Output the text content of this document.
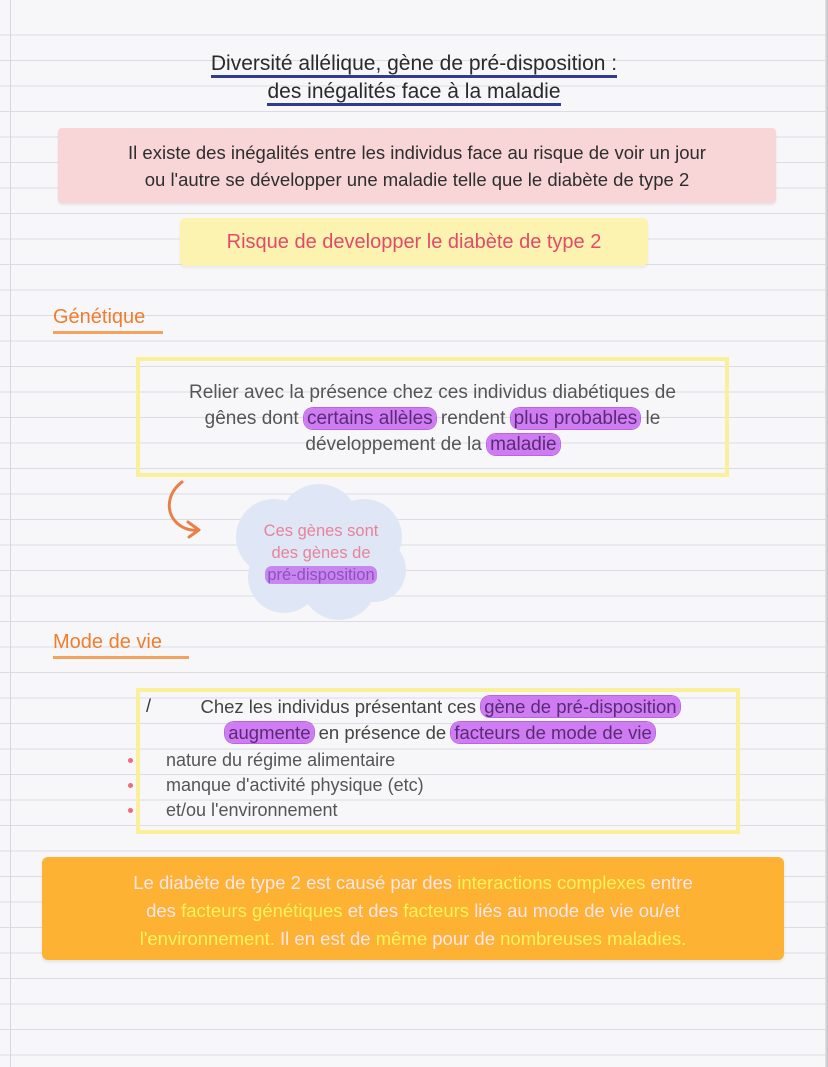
Diversité allélique, gène de pré-disposition :
des inégalités face à la maladie
Il existe des inégalités entre les individus face au risque de voir un jour
ou l'autre se développer une maladie telle que le diabète de type 2
Risque de developper le diabète de type 2
Génétique
Relier avec la présence chez ces individus diabétiques de
gênes dont certains allèles rendent plus probables le
développement de la maladie
Ces gènes sont
des gènes de
pré-disposition
Mode de vie
/	Chez les individus présentant ces gène de pré-disposition
augmente en présence de facteurs de mode de vie
nature du régime alimentaire
manque d'activité physique (etc)
et/ou l'environnement
Le diabète de type 2 est causé par des interactions complexes entre
des facteurs génétiques et des facteurs liés au mode de vie ou/et
l'environnement. Il en est de même pour de nombreuses maladies.
